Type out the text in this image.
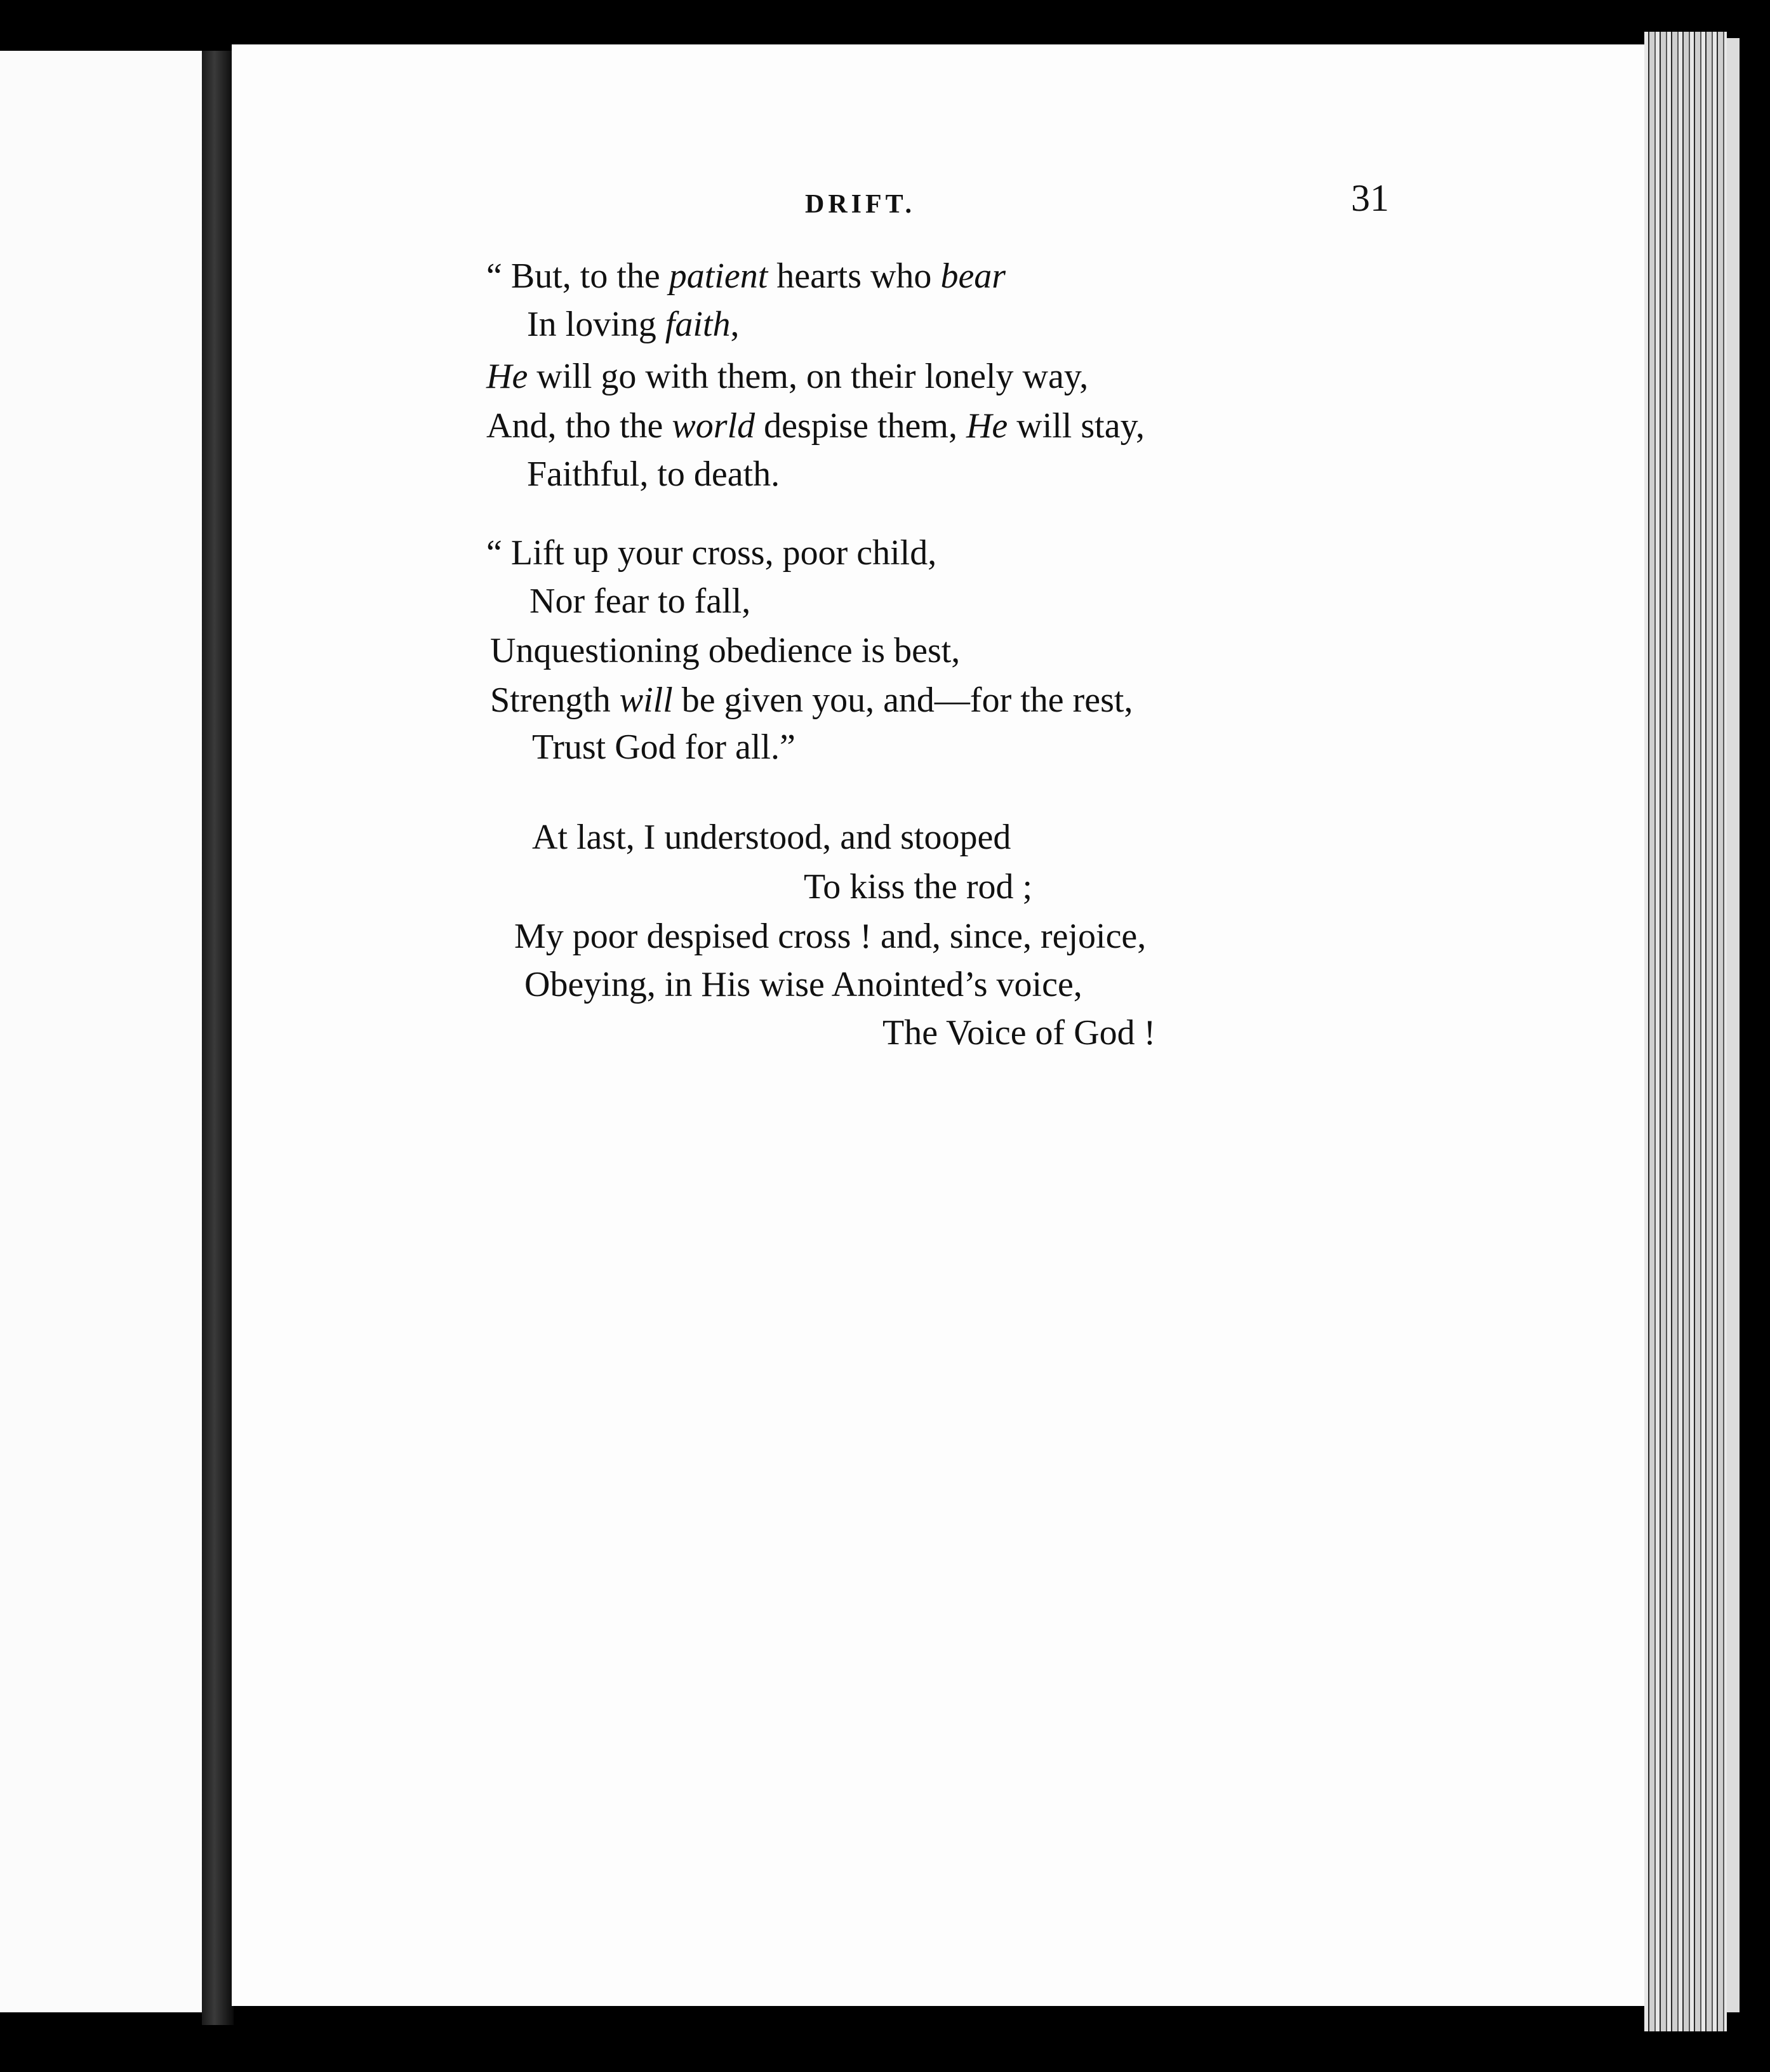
DRIFT.	31
“ But, to the patient hearts who bear
In loving faith,
He will go with them, on their lonely way,
And, tho the world despise them, He will stay,
Faithful, to death.
“ Lift up your cross, poor child,
Nor fear to fall,
Unquestioning obedience is best,
Strength will be given you, and—for the rest,
Trust God for all.”
At last, I understood, and stooped
To kiss the rod ;
My poor despised cross ! and, since, rejoice,
Obeying, in His wise Anointed’s voice,
The Voice of God !
